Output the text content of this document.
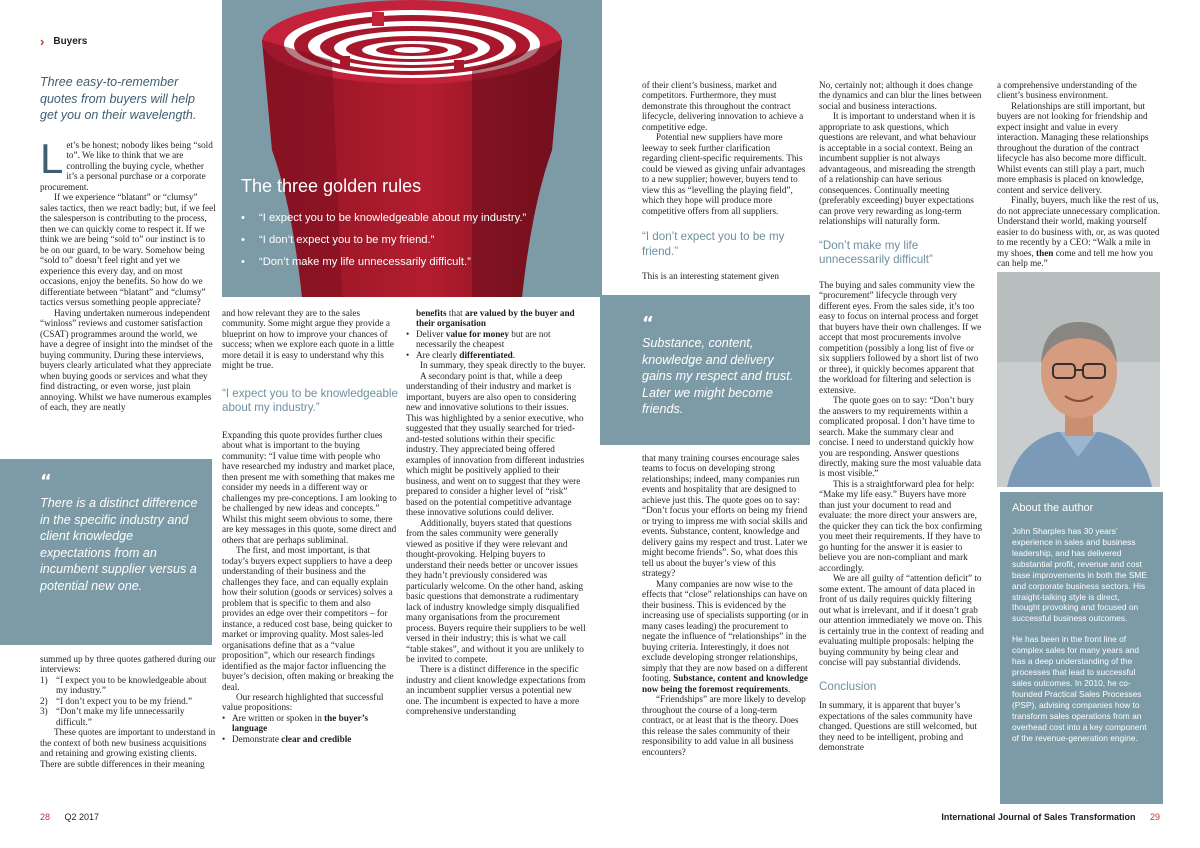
› Buyers
Three easy-to-remember quotes from buyers will help get you on their wavelength.

L et’s be honest; nobody likes being “sold to”. We like to think that we are controlling the buying cycle, whether it’s a personal purchase or a corporate procurement.

If we experience “blatant” or “clumsy” sales tactics, then we react badly; but, if we feel the salesperson is contributing to the process, then we can quickly come to respect it. If we think we are being “sold to” our instinct is to be on our guard, to be wary. Somehow being “sold to” doesn’t feel right and yet we experience this every day, and on most occasions, enjoy the benefits. So how do we differentiate between “blatant” and “clumsy” tactics versus something people appreciate?

Having undertaken numerous independent “winloss” reviews and customer satisfaction (CSAT) programmes around the world, we have a degree of insight into the mindset of the buying community. During these interviews, buyers clearly articulated what they appreciate when buying goods or services and what they find distracting, or even worse, just plain annoying. Whilst we have numerous examples of each, they are neatly

“
There is a distinct difference in the specific industry and client knowledge expectations from an incumbent supplier versus a potential new one.

summed up by three quotes gathered during our interviews:

1) “I expect you to be knowledgeable about my industry.”
2) “I don’t expect you to be my friend.”
3) “Don’t make my life unnecessarily difficult.”

These quotes are important to understand in the context of both new business acquisitions and retaining and growing existing clients. There are subtle differences in their meaning

The three golden rules
• “I expect you to be knowledgeable about my industry.”
• “I don’t expect you to be my friend.”
• “Don’t make my life unnecessarily difficult.”

and how relevant they are to the sales community. Some might argue they provide a blueprint on how to improve your chances of success; when we explore each quote in a little more detail it is easy to understand why this might be true.

“I expect you to be knowledgeable about my industry.”

Expanding this quote provides further clues about what is important to the buying community: “I value time with people who have researched my industry and market place, then present me with something that makes me consider my needs in a different way or challenges my pre-conceptions. I am looking to be challenged by new ideas and concepts.” Whilst this might seem obvious to some, there are key messages in this quote, some direct and others that are perhaps subliminal.

The first, and most important, is that today’s buyers expect suppliers to have a deep understanding of their business and the challenges they face, and can equally explain how their solution (goods or services) solves a problem that is specific to them and also provides an edge over their competitors – for instance, a reduced cost base, being quicker to market or improving quality. Most sales-led organisations define that as a “value proposition”, which our research findings identified as the major factor influencing the buyer’s decision, often making or breaking the deal.

Our research highlighted that successful value propositions:

• Are written or spoken in the buyer’s language
• Demonstrate clear and credible
benefits that are valued by the buyer and their organisation
• Deliver value for money but are not necessarily the cheapest
• Are clearly differentiated.

In summary, they speak directly to the buyer.

A secondary point is that, while a deep understanding of their industry and market is important, buyers are also open to considering new and innovative solutions to their issues. This was highlighted by a senior executive, who suggested that they usually searched for tried-and-tested solutions within their specific industry. They appreciated being offered examples of innovation from different industries which might be positively applied to their business, and went on to suggest that they were prepared to consider a higher level of “risk” based on the potential competitive advantage these innovative solutions could deliver.

Additionally, buyers stated that questions from the sales community were generally viewed as positive if they were relevant and thought-provoking. Helping buyers to understand their needs better or uncover issues they hadn’t previously considered was particularly welcome. On the other hand, asking basic questions that demonstrate a rudimentary lack of industry knowledge simply disqualified many organisations from the procurement process. Buyers require their suppliers to be well versed in their industry; this is what we call “table stakes”, and without it you are unlikely to be invited to compete.

There is a distinct difference in the specific industry and client knowledge expectations from an incumbent supplier versus a potential new one. The incumbent is expected to have a more comprehensive understanding

28 Q2 2017

of their client’s business, market and competitors. Furthermore, they must demonstrate this throughout the contract lifecycle, delivering innovation to achieve a competitive edge.

Potential new suppliers have more leeway to seek further clarification regarding client-specific requirements. This could be viewed as giving unfair advantages to a new supplier; however, buyers tend to view this as “levelling the playing field”, which they hope will produce more competitive offers from all suppliers.

“I don’t expect you to be my friend.”

This is an interesting statement given

“
Substance, content, knowledge and delivery gains my respect and trust. Later we might become friends.

that many training courses encourage sales teams to focus on developing strong relationships; indeed, many companies run events and hospitality that are designed to achieve just this. The quote goes on to say: “Don’t focus your efforts on being my friend or trying to impress me with social skills and events. Substance, content, knowledge and delivery gains my respect and trust. Later we might become friends”. So, what does this tell us about the buyer’s view of this strategy?

Many companies are now wise to the effects that “close” relationships can have on their business. This is evidenced by the increasing use of specialists supporting (or in many cases leading) the procurement to negate the influence of “relationships” in the buying criteria. Interestingly, it does not exclude developing stronger relationships, simply that they are now based on a different footing. Substance, content and knowledge now being the foremost requirements.

“Friendships” are more likely to develop throughout the course of a long-term contract, or at least that is the theory. Does this release the sales community of their responsibility to add value in all business encounters?

No, certainly not; although it does change the dynamics and can blur the lines between social and business interactions.

It is important to understand when it is appropriate to ask questions, which questions are relevant, and what behaviour is acceptable in a social context. Being an incumbent supplier is not always advantageous, and misreading the strength of a relationship can have serious consequences. Continually meeting (preferably exceeding) buyer expectations can prove very rewarding as long-term relationships will naturally form.

“Don’t make my life unnecessarily difficult”

The buying and sales community view the “procurement” lifecycle through very different eyes. From the sales side, it’s too easy to focus on internal process and forget that buyers have their own challenges. If we accept that most procurements involve competition (possibly a long list of five or six suppliers followed by a short list of two or three), it quickly becomes apparent that the workload for filtering and selection is extensive.

The quote goes on to say: “Don’t bury the answers to my requirements within a complicated proposal. I don’t have time to search. Make the summary clear and concise. I need to understand quickly how you are responding. Answer questions directly, making sure the most valuable data is most visible.”

This is a straightforward plea for help: “Make my life easy.” Buyers have more than just your document to read and evaluate: the more direct your answers are, the quicker they can tick the box confirming you meet their requirements. If they have to go hunting for the answer it is easier to believe you are non-compliant and mark accordingly.

We are all guilty of “attention deficit” to some extent. The amount of data placed in front of us daily requires quickly filtering out what is irrelevant, and if it doesn’t grab our attention immediately we move on. This is certainly true in the context of reading and evaluating multiple proposals: helping the buying community by being clear and concise will pay substantial dividends.

Conclusion

In summary, it is apparent that buyer’s expectations of the sales community have changed. Questions are still welcomed, but they need to be intelligent, probing and demonstrate

a comprehensive understanding of the client’s business environment.

Relationships are still important, but buyers are not looking for friendship and expect insight and value in every interaction. Managing these relationships throughout the duration of the contract lifecycle has also become more difficult. Whilst events can still play a part, much more emphasis is placed on knowledge, content and service delivery.

Finally, buyers, much like the rest of us, do not appreciate unnecessary complication. Understand their world, making yourself easier to do business with, or, as was quoted to me recently by a CEO: “Walk a mile in my shoes, then come and tell me how you can help me.”

About the author

John Sharples has 30 years’ experience in sales and business leadership, and has delivered substantial profit, revenue and cost base improvements in both the SME and corporate business sectors. His straight-talking style is direct, thought provoking and focused on successful business outcomes.

He has been in the front line of complex sales for many years and has a deep understanding of the processes that lead to successful sales outcomes. In 2010, he co-founded Practical Sales Processes (PSP), advising companies how to transform sales operations from an overhead cost into a key component of the revenue-generation engine.

International Journal of Sales Transformation 29
